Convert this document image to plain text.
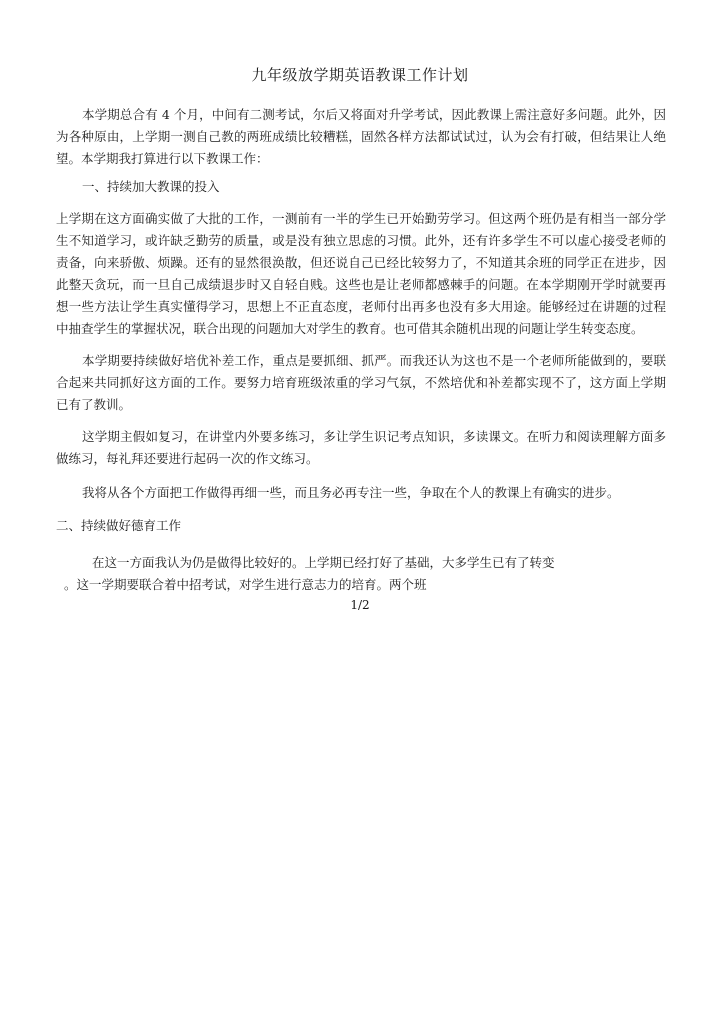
九年级放学期英语教课工作计划
本学期总合有 4 个月，中间有二测考试，尔后又将面对升学考试，因此教课上需注意好多问题。此外，因为各种原由，上学期一测自己教的两班成绩比较糟糕，固然各样方法都试试过，认为会有打破，但结果让人绝望。本学期我打算进行以下教课工作：
一、持续加大教课的投入
上学期在这方面确实做了大批的工作，一测前有一半的学生已开始勤劳学习。但这两个班仍是有相当一部分学生不知道学习，或许缺乏勤劳的质量，或是没有独立思虑的习惯。此外，还有许多学生不可以虚心接受老师的责备，向来骄傲、烦躁。还有的显然很涣散，但还说自己已经比较努力了，不知道其余班的同学正在进步，因此整天贪玩，而一旦自己成绩退步时又自轻自贱。这些也是让老师都感棘手的问题。在本学期刚开学时就要再想一些方法让学生真实懂得学习，思想上不正直态度，老师付出再多也没有多大用途。能够经过在讲题的过程中抽查学生的掌握状况，联合出现的问题加大对学生的教育。也可借其余随机出现的问题让学生转变态度。
本学期要持续做好培优补差工作，重点是要抓细、抓严。而我还认为这也不是一个老师所能做到的，要联合起来共同抓好这方面的工作。要努力培育班级浓重的学习气氛，不然培优和补差都实现不了，这方面上学期已有了教训。
这学期主假如复习，在讲堂内外要多练习，多让学生识记考点知识，多读课文。在听力和阅读理解方面多做练习，每礼拜还要进行起码一次的作文练习。
我将从各个方面把工作做得再细一些，而且务必再专注一些，争取在个人的教课上有确实的进步。
二、持续做好德育工作
在这一方面我认为仍是做得比较好的。上学期已经打好了基础，大多学生已有了转变
。这一学期要联合着中招考试，对学生进行意志力的培育。两个班
1/2
